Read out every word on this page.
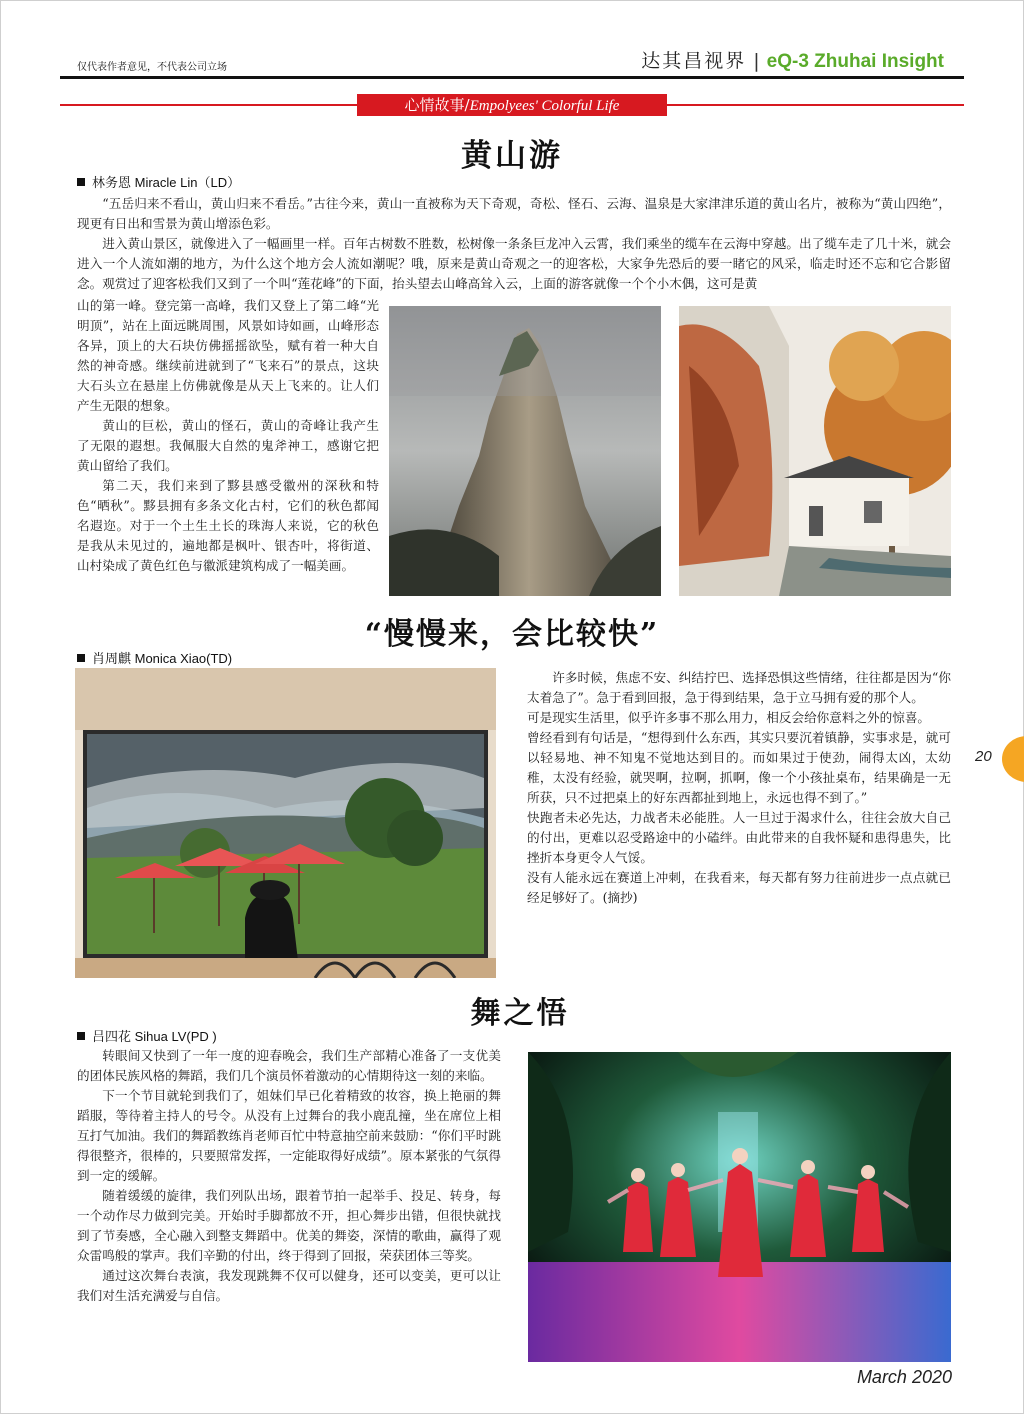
仅代表作者意见，不代表公司立场	达其昌视界 | eQ-3 Zhuhai Insight
心情故事/Empolyees' Colorful Life
黄山游
林务恩 Miracle Lin（LD）

“五岳归来不看山，黄山归来不看岳。”古往今来，黄山一直被称为天下奇观，奇松、怪石、云海、温泉是大家津津乐道的黄山名片，被称为“黄山四绝”，现更有日出和雪景为黄山增添色彩。

进入黄山景区，就像进入了一幅画里一样。百年古树数不胜数，松树像一条条巨龙冲入云霄，我们乘坐的缆车在云海中穿越。出了缆车走了几十米，就会进入一个人流如潮的地方，为什么这个地方会人流如潮呢？哦，原来是黄山奇观之一的迎客松，大家争先恐后的要一睹它的风采，临走时还不忘和它合影留念。观赏过了迎客松我们又到了一个叫“莲花峰”的下面，抬头望去山峰高耸入云，上面的游客就像一个个小木偶，这可是黄

山的第一峰。登完第一高峰，我们又登上了第二峰“光明顶”，站在上面远眺周围，风景如诗如画，山峰形态各异，顶上的大石块仿佛摇摇欲坠，赋有着一种大自然的神奇感。继续前进就到了“飞来石”的景点，这块大石头立在悬崖上仿佛就像是从天上飞来的。让人们产生无限的想象。

黄山的巨松，黄山的怪石，黄山的奇峰让我产生了无限的遐想。我佩服大自然的鬼斧神工，感谢它把黄山留给了我们。

第二天，我们来到了黟县感受徽州的深秋和特色“晒秋”。黟县拥有多条文化古村，它们的秋色都闻名遐迩。对于一个土生土长的珠海人来说，它的秋色是我从未见过的，遍地都是枫叶、银杏叶，将街道、山村染成了黄色红色与徽派建筑构成了一幅美画。

“慢慢来，会比较快”
肖周麒 Monica Xiao(TD)

许多时候，焦虑不安、纠结拧巴、选择恐惧这些情绪，往往都是因为“你太着急了”。急于看到回报，急于得到结果，急于立马拥有爱的那个人。

可是现实生活里，似乎许多事不那么用力，相反会给你意料之外的惊喜。

曾经看到有句话是，“想得到什么东西，其实只要沉着镇静，实事求是，就可以轻易地、神不知鬼不觉地达到目的。而如果过于使劲，闹得太凶，太幼稚，太没有经验，就哭啊，拉啊，抓啊，像一个小孩扯桌布，结果确是一无所获，只不过把桌上的好东西都扯到地上，永远也得不到了。”

快跑者未必先达，力战者未必能胜。人一旦过于渴求什么，往往会放大自己的付出，更难以忍受路途中的小磕绊。由此带来的自我怀疑和患得患失，比挫折本身更令人气馁。

没有人能永远在赛道上冲刺，在我看来，每天都有努力往前进步一点点就已经足够好了。(摘抄)

舞之悟
吕四花 Sihua LV(PD )

转眼间又快到了一年一度的迎春晚会，我们生产部精心准备了一支优美的团体民族风格的舞蹈，我们几个演员怀着激动的心情期待这一刻的来临。

下一个节目就轮到我们了，姐妹们早已化着精致的妆容，换上艳丽的舞蹈服，等待着主持人的号令。从没有上过舞台的我小鹿乱撞，坐在席位上相互打气加油。我们的舞蹈教练肖老师百忙中特意抽空前来鼓励：“你们平时跳得很整齐，很棒的，只要照常发挥，一定能取得好成绩”。原本紧张的气氛得到一定的缓解。

随着缓缓的旋律，我们列队出场，跟着节拍一起举手、投足、转身，每一个动作尽力做到完美。开始时手脚都放不开，担心舞步出错，但很快就找到了节奏感，全心融入到整支舞蹈中。优美的舞姿，深情的歌曲，赢得了观众雷鸣般的掌声。我们辛勤的付出，终于得到了回报，荣获团体三等奖。

通过这次舞台表演，我发现跳舞不仅可以健身，还可以变美，更可以让我们对生活充满爱与自信。

20
March 2020
